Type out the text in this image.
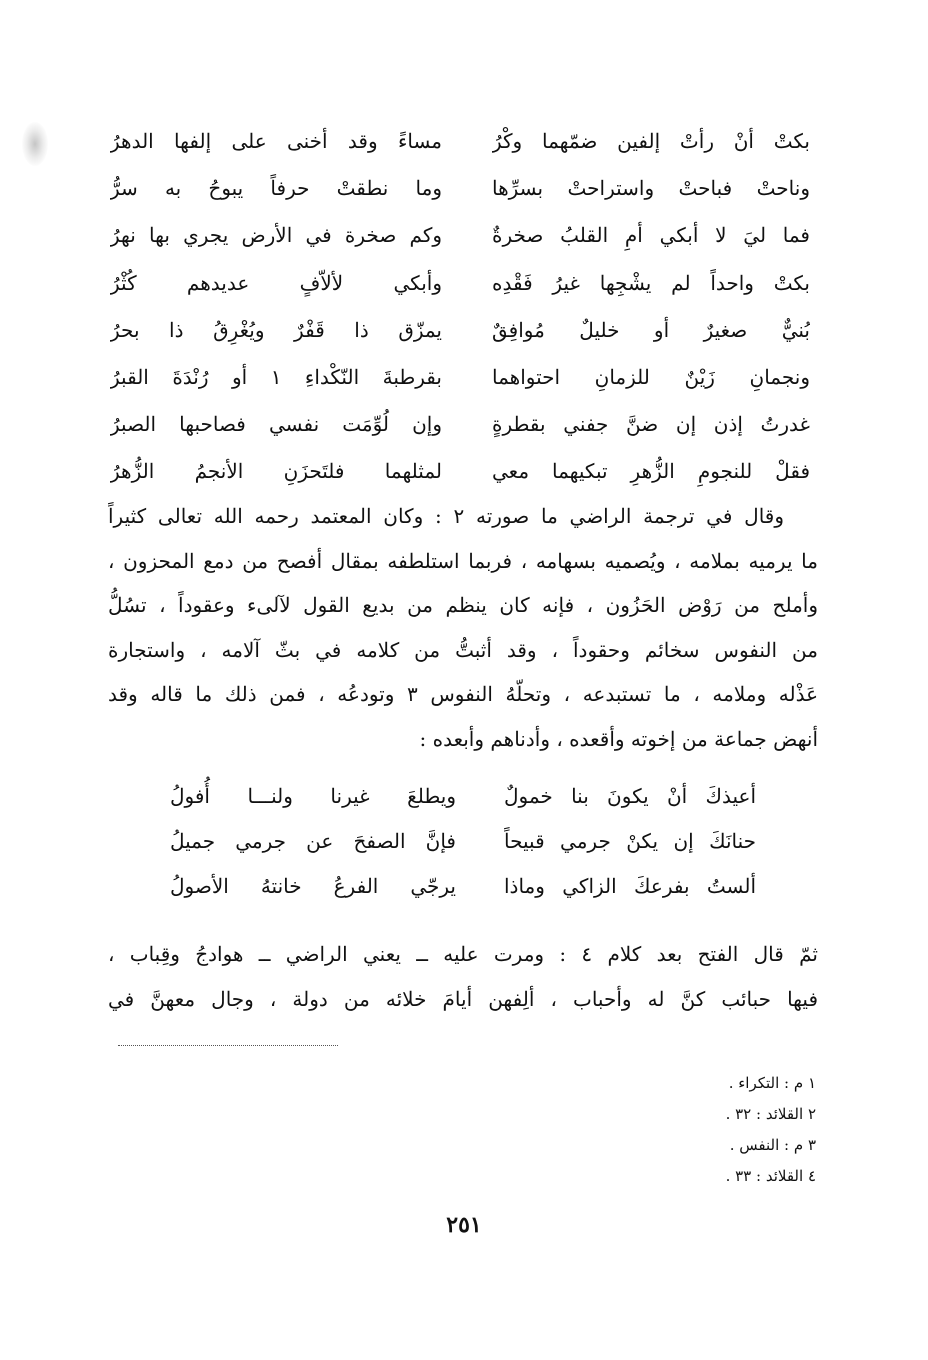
بكتْ أنْ رأتْ إلفين ضمّهما وكْرُ
مساءً وقد أخنى على إلفها الدهرُ
وناحتْ فباحتْ واستراحتْ بسرِّها
وما نطقتْ حرفاً يبوحُ به سرُّ
فما ليَ لا أبكي أمِ القلبُ صخرةٌ
وكم صخرة في الأرض يجري بها نهرُ
بكتْ واحداً لم يشْجِها غيرُ فَقْدِه
وأبكي لألاّفٍ عديدهم كُثْرُ
بُنيٌّ صغيرٌ أو خليلٌ مُوافِقٌ
يمزّق ذا قَفْرٌ ويُغْرِقُ ذا بحرُ
ونجمانِ زَيْنٌ للزمانِ احتواهما
بقرطبةَ النّكْداءِ ١ أو رُنْدَةَ القبرُ
غدرتُ إذن إن ضنَّ جفني بقطرةٍ
وإن لُوِّمَت نفسي فصاحبها الصبرُ
فقلْ للنجومِ الزُّهرِ تبكيهما معي
لمثلهما فلتَحزَنِ الأنجمُ الزُّهرُ
وقال في ترجمة الراضي ما صورته ٢ : وكان المعتمد رحمه الله تعالى كثيراً
ما يرميه بملامه ، ويُصميه بسهامه ، فربما استلطفه بمقال أفصح من دمع المحزون ،
وأملح من رَوْض الحَزُون ، فإنه كان ينظم من بديع القول لآلىء وعقوداً ، تسُلُّ
من النفوس سخائم وحقوداً ، وقد أثبتُّ من كلامه في بثّ آلامه ، واستجارة
عَذْله وملامه ، ما تستبدعه ، وتحلّهُ النفوس ٣ وتودعُه ، فمن ذلك ما قاله وقد
أنهض جماعة من إخوته وأقعده ، وأدناهم وأبعده :
أعيذكَ أنْ يكونَ بنا خمولٌ
ويطلعَ غيرنا ولنـــا أُفولُ
حنانَكَ إن يكنْ جرمي قبيحاً
فإنَّ الصفحَ عن جرمي جميلُ
ألستُ بفرعكَ الزاكي وماذا
يرجّي الفرعُ خانتهُ الأصولُ
ثمّ قال الفتح بعد كلام ٤ : ومرت عليه ــ يعني الراضي ــ هوادجُ وقِباب ،
فيها حبائب كنَّ له وأحباب ، ألِفهن أيامَ خلائه من دولة ، وجال معهنَّ في
١ م : التكراء .
٢ القلائد : ٣٢ .
٣ م : النفس .
٤ القلائد : ٣٣ .
٢٥١
